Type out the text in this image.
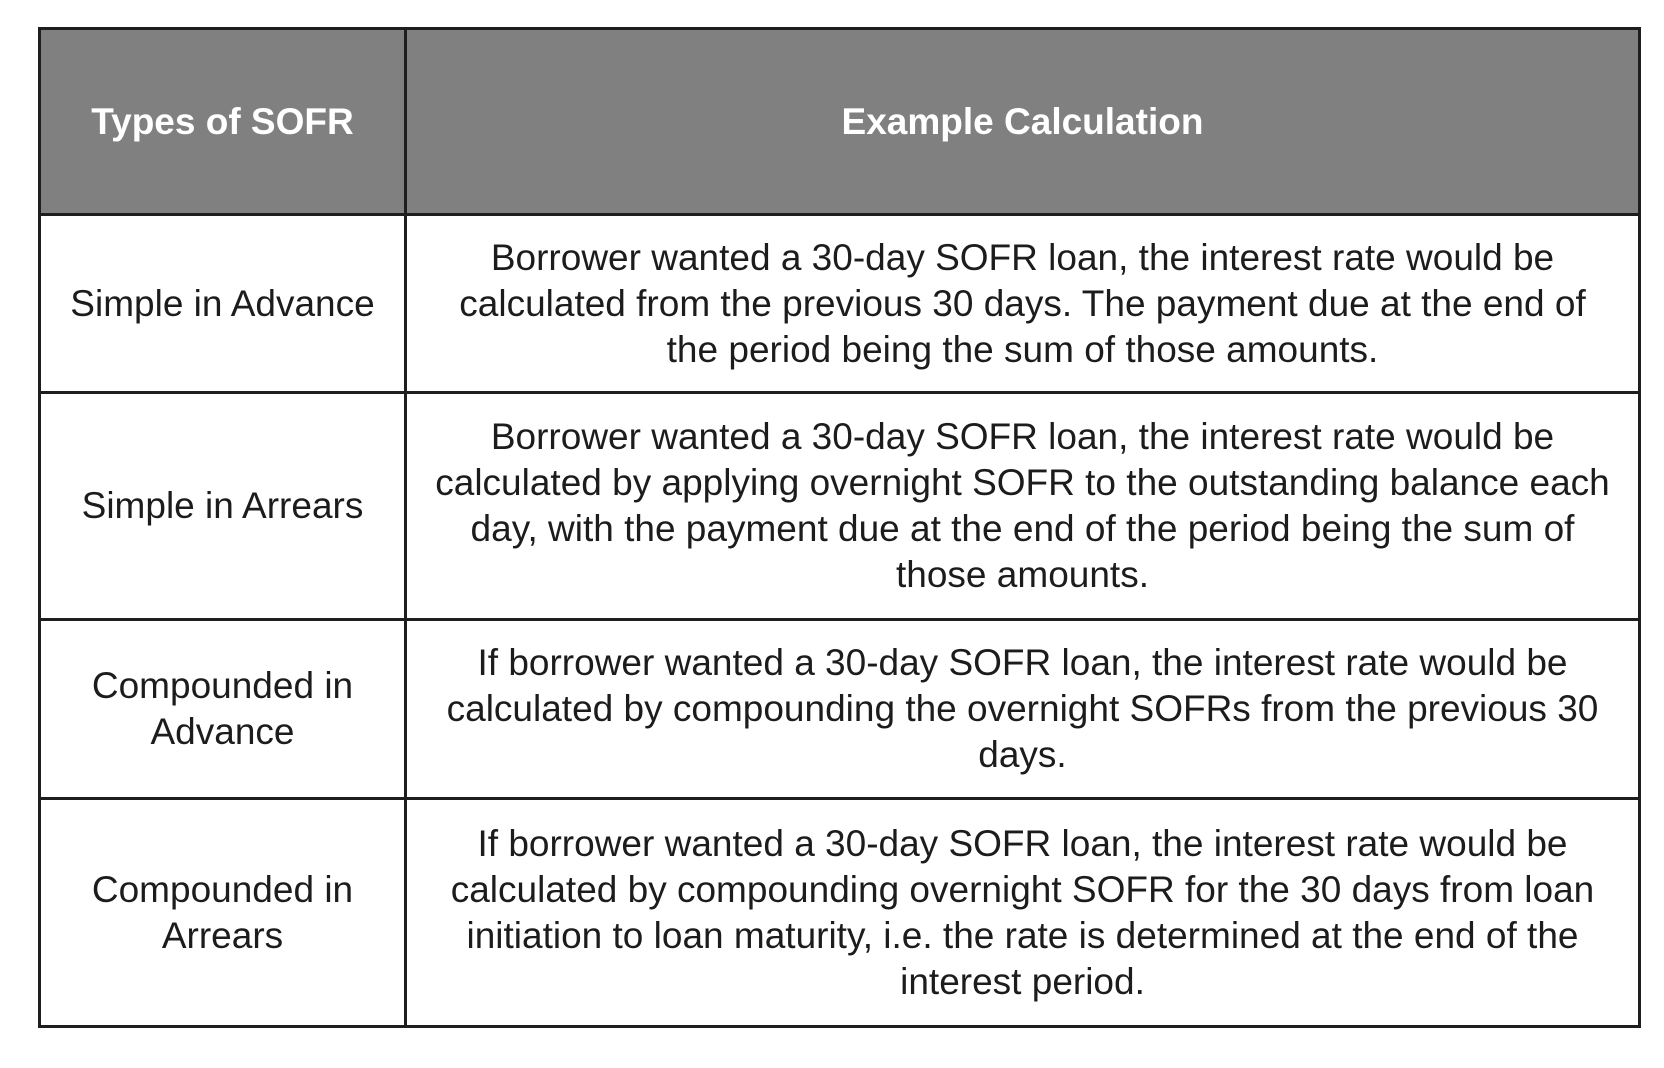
Types of SOFR	Example Calculation
Simple in Advance	Borrower wanted a 30-day SOFR loan, the interest rate would be calculated from the previous 30 days. The payment due at the end of the period being the sum of those amounts.
Simple in Arrears	Borrower wanted a 30-day SOFR loan, the interest rate would be calculated by applying overnight SOFR to the outstanding balance each day, with the payment due at the end of the period being the sum of those amounts.
Compounded in Advance	If borrower wanted a 30-day SOFR loan, the interest rate would be calculated by compounding the overnight SOFRs from the previous 30 days.
Compounded in Arrears	If borrower wanted a 30-day SOFR loan, the interest rate would be calculated by compounding overnight SOFR for the 30 days from loan initiation to loan maturity, i.e. the rate is determined at the end of the interest period.
